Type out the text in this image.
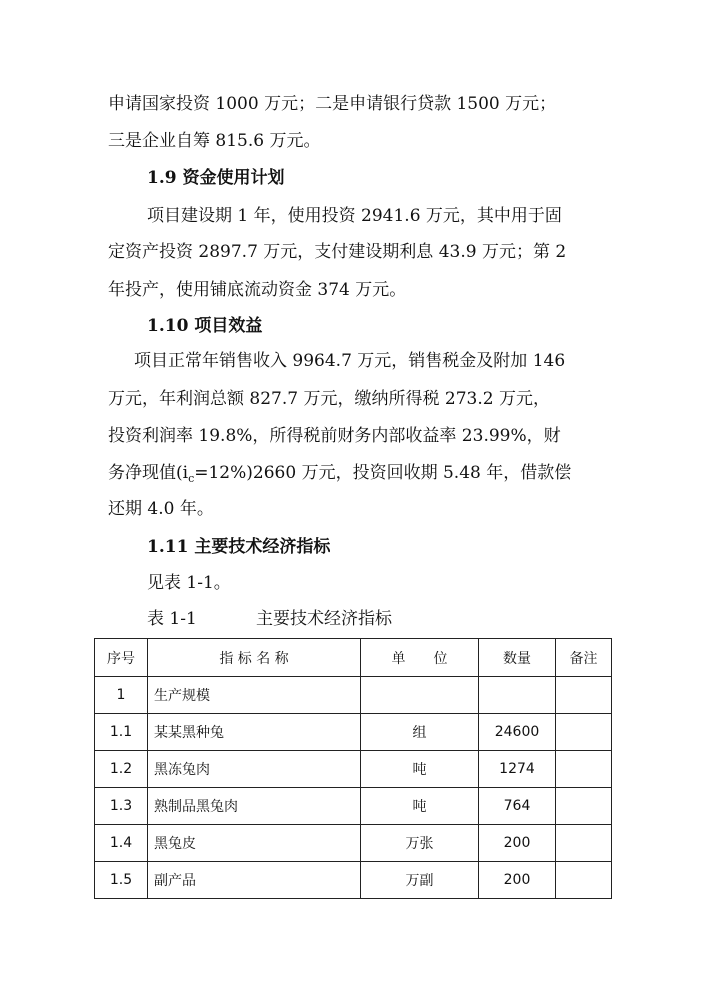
申请国家投资 1000 万元；二是申请银行贷款 1500 万元；
三是企业自筹 815.6 万元。
1.9 资金使用计划
项目建设期 1 年，使用投资 2941.6 万元，其中用于固
定资产投资 2897.7 万元，支付建设期利息 43.9 万元；第 2
年投产，使用铺底流动资金 374 万元。
1.10 项目效益
项目正常年销售收入 9964.7 万元，销售税金及附加 146
万元，年利润总额 827.7 万元，缴纳所得税 273.2 万元，
投资利润率 19.8%，所得税前财务内部收益率 23.99%，财
务净现值$(i_c=12\%)2660$ 万元，投资回收期 5.48 年，借款偿
还期 4.0 年。
1.11 主要技术经济指标
见表 1-1。
表 1-1	主要技术经济指标
序号	指 标 名 称	单　　位	数量	备注
1	生产规模			
1.1	某某黑种兔	组	24600	
1.2	黑冻兔肉	吨	1274	
1.3	熟制品黑兔肉	吨	764	
1.4	黑兔皮	万张	200	
1.5	副产品	万副	200	
